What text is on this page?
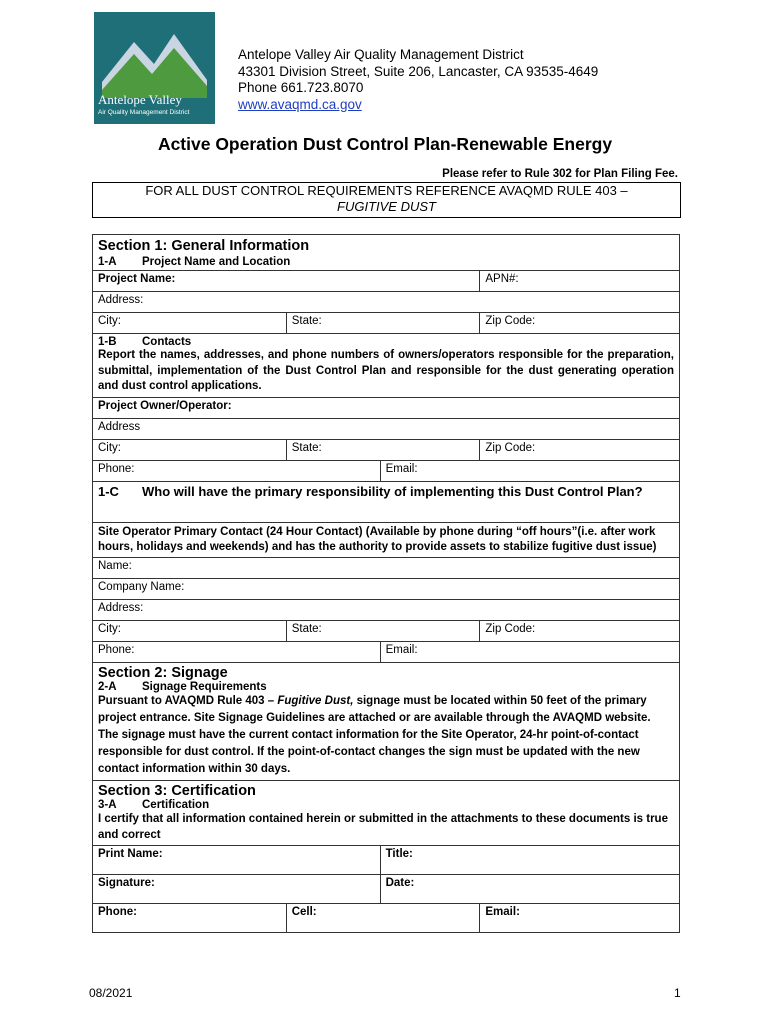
Antelope Valley
Air Quality Management District
Antelope Valley Air Quality Management District
43301 Division Street, Suite 206, Lancaster, CA 93535-4649
Phone 661.723.8070
www.avaqmd.ca.gov
Active Operation Dust Control Plan-Renewable Energy
Please refer to Rule 302 for Plan Filing Fee.
FOR ALL DUST CONTROL REQUIREMENTS REFERENCE AVAQMD RULE 403 –
FUGITIVE DUST
Section 1: General Information
1-A Project Name and Location			

Project Name:			APN#:
Address:			
City:	State:		Zip Code:

1-B Contacts
Report the names, addresses, and phone numbers of owners/operators responsible for the preparation, submittal, implementation of the Dust Control Plan and responsible for the dust generating operation and dust control applications.			

Project Owner/Operator:			
Address			
City:	State:		Zip Code:
Phone:		Email:	
1-C Who will have the primary responsibility of implementing this Dust Control Plan?			
Site Operator Primary Contact (24 Hour Contact) (Available by phone during “off hours”(i.e. after work hours, holidays and weekends) and has the authority to provide assets to stabilize fugitive dust issue)			
Name:			
Company Name:			
Address:			
City:	State:		Zip Code:
Phone:		Email:	

Section 2: Signage
2-A Signage Requirements
Pursuant to AVAQMD Rule 403 – Fugitive Dust, signage must be located within 50 feet of the primary project entrance. Site Signage Guidelines are attached or are available through the AVAQMD website. The signage must have the current contact information for the Site Operator, 24-hr point-of-contact responsible for dust control. If the point-of-contact changes the sign must be updated with the new contact information within 30 days.			

Section 3: Certification
3-A Certification
I certify that all information contained herein or submitted in the attachments to these documents is true and correct			

Print Name:		Title:	
Signature:		Date:	
Phone:	Cell:		Email:
08/2021	1
